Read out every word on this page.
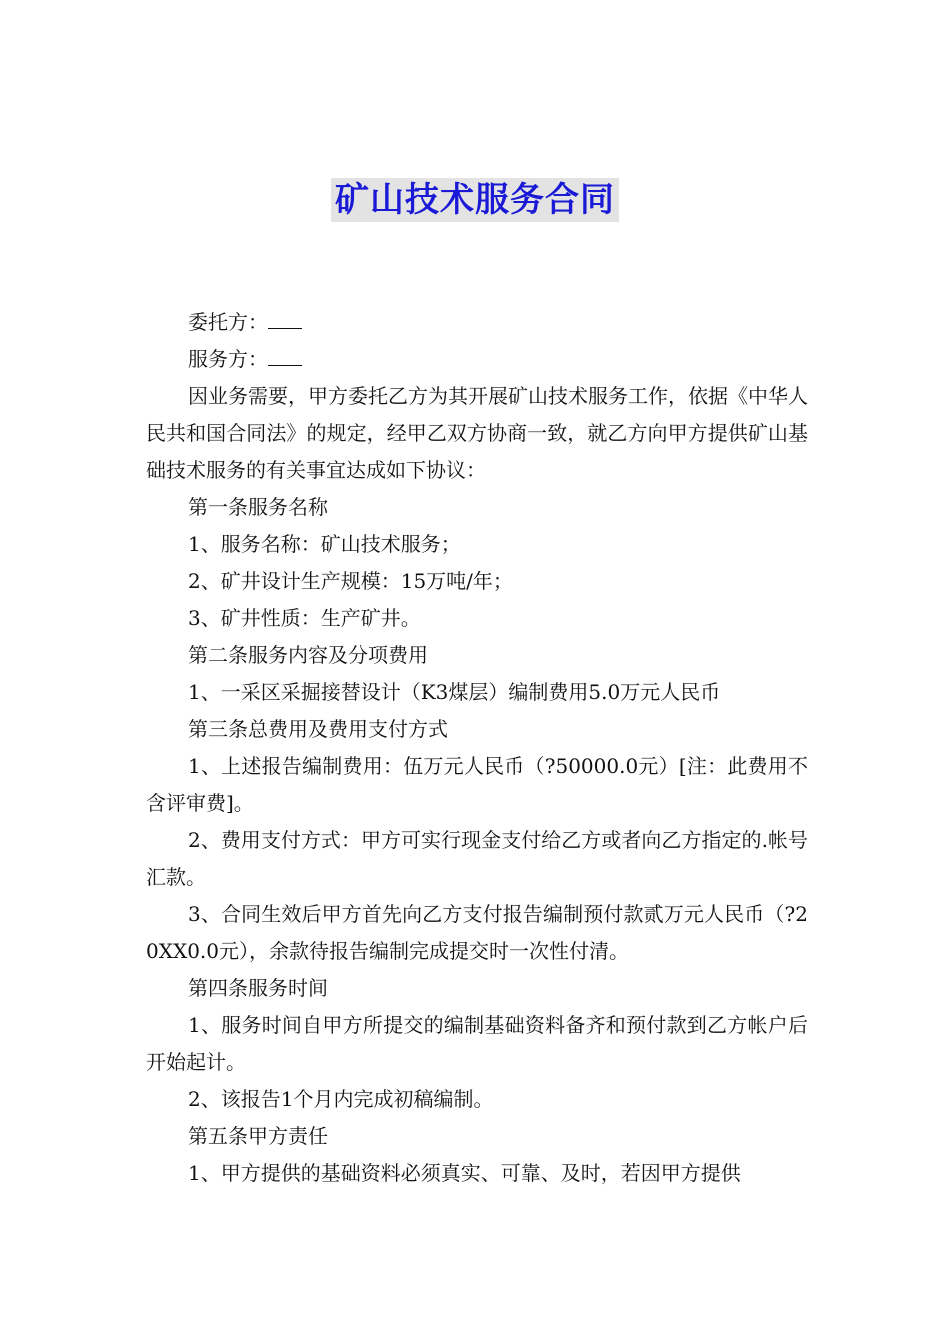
矿山技术服务合同

委托方：

服务方：

因业务需要，甲方委托乙方为其开展矿山技术服务工作，依据《中华人民共和国合同法》的规定，经甲乙双方协商一致，就乙方向甲方提供矿山基础技术服务的有关事宜达成如下协议：

第一条服务名称

1、服务名称：矿山技术服务；

2、矿井设计生产规模：15万吨/年；

3、矿井性质：生产矿井。

第二条服务内容及分项费用

1、一采区采掘接替设计（K3煤层）编制费用5.0万元人民币

第三条总费用及费用支付方式

1、上述报告编制费用：伍万元人民币（?50000.0元）[注：此费用不含评审费]。

2、费用支付方式：甲方可实行现金支付给乙方或者向乙方指定的.帐号汇款。

3、合同生效后甲方首先向乙方支付报告编制预付款贰万元人民币（?20XX0.0元），余款待报告编制完成提交时一次性付清。

第四条服务时间

1、服务时间自甲方所提交的编制基础资料备齐和预付款到乙方帐户后开始起计。

2、该报告1个月内完成初稿编制。

第五条甲方责任

1、甲方提供的基础资料必须真实、可靠、及时，若因甲方提供
